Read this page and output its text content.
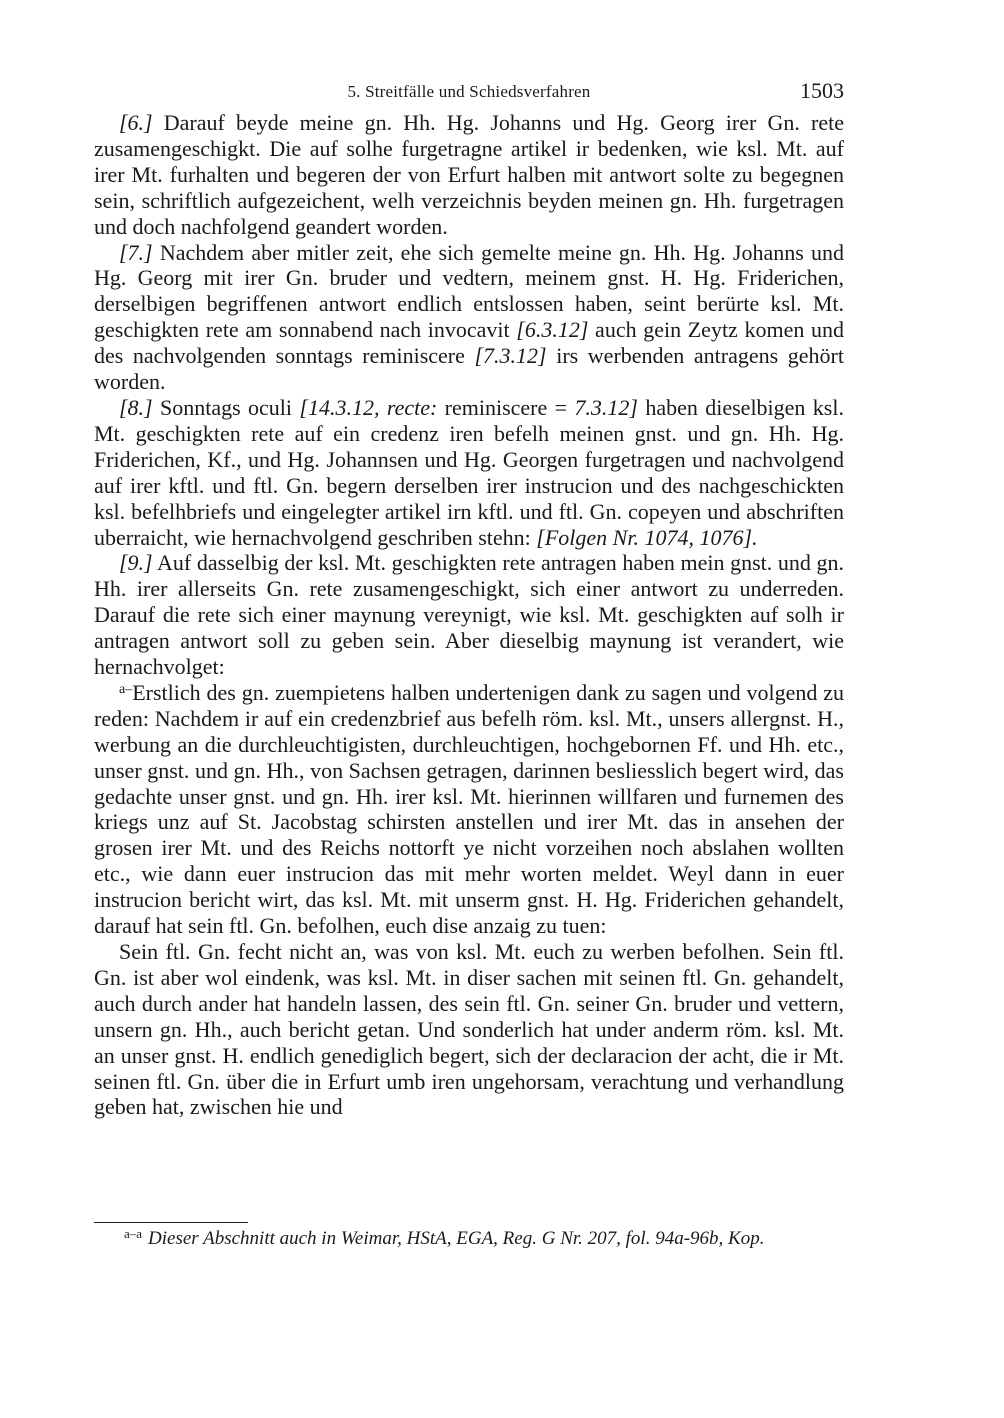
5. Streitfälle und Schiedsverfahren	1503

[6.] Darauf beyde meine gn. Hh. Hg. Johanns und Hg. Georg irer Gn. rete zusamengeschigkt. Die auf solhe furgetragne artikel ir bedenken, wie ksl. Mt. auf irer Mt. furhalten und begeren der von Erfurt halben mit antwort solte zu begegnen sein, schriftlich aufgezeichent, welh verzeichnis beyden meinen gn. Hh. furgetragen und doch nachfolgend geandert worden.

[7.] Nachdem aber mitler zeit, ehe sich gemelte meine gn. Hh. Hg. Johanns und Hg. Georg mit irer Gn. bruder und vedtern, meinem gnst. H. Hg. Friderichen, derselbigen begriffenen antwort endlich entslossen haben, seint berürte ksl. Mt. geschigkten rete am sonnabend nach invocavit [6.3.12] auch gein Zeytz komen und des nachvolgenden sonntags reminiscere [7.3.12] irs werbenden antragens gehört worden.

[8.] Sonntags oculi [14.3.12, recte: reminiscere = 7.3.12] haben dieselbigen ksl. Mt. geschigkten rete auf ein credenz iren befelh meinen gnst. und gn. Hh. Hg. Friderichen, Kf., und Hg. Johannsen und Hg. Georgen furgetragen und nachvolgend auf irer kftl. und ftl. Gn. begern derselben irer instrucion und des nachgeschickten ksl. befelhbriefs und eingelegter artikel irn kftl. und ftl. Gn. copeyen und abschriften uberraicht, wie hernachvolgend geschriben stehn: [Folgen Nr. 1074, 1076].

[9.] Auf dasselbig der ksl. Mt. geschigkten rete antragen haben mein gnst. und gn. Hh. irer allerseits Gn. rete zusamengeschigkt, sich einer antwort zu underreden. Darauf die rete sich einer maynung vereynigt, wie ksl. Mt. geschigkten auf solh ir antragen antwort soll zu geben sein. Aber dieselbig maynung ist verandert, wie hernachvolget:

$^{a-}$Erstlich des gn. zuempietens halben undertenigen dank zu sagen und volgend zu reden: Nachdem ir auf ein credenzbrief aus befelh röm. ksl. Mt., unsers allergnst. H., werbung an die durchleuchtigisten, durchleuchtigen, hochgebornen Ff. und Hh. etc., unser gnst. und gn. Hh., von Sachsen getragen, darinnen besliesslich begert wird, das gedachte unser gnst. und gn. Hh. irer ksl. Mt. hierinnen willfaren und furnemen des kriegs unz auf St. Jacobstag schirsten anstellen und irer Mt. das in ansehen der grosen irer Mt. und des Reichs nottorft ye nicht vorzeihen noch abslahen wollten etc., wie dann euer instrucion das mit mehr worten meldet. Weyl dann in euer instrucion bericht wirt, das ksl. Mt. mit unserm gnst. H. Hg. Friderichen gehandelt, darauf hat sein ftl. Gn. befolhen, euch dise anzaig zu tuen:

Sein ftl. Gn. fecht nicht an, was von ksl. Mt. euch zu werben befolhen. Sein ftl. Gn. ist aber wol eindenk, was ksl. Mt. in diser sachen mit seinen ftl. Gn. gehandelt, auch durch ander hat handeln lassen, des sein ftl. Gn. seiner Gn. bruder und vettern, unsern gn. Hh., auch bericht getan. Und sonderlich hat under anderm röm. ksl. Mt. an unser gnst. H. endlich genediglich begert, sich der declaracion der acht, die ir Mt. seinen ftl. Gn. über die in Erfurt umb iren ungehorsam, verachtung und verhandlung geben hat, zwischen hie und

$^{a-a}$ Dieser Abschnitt auch in Weimar, HStA, EGA, Reg. G Nr. 207, fol. 94a-96b, Kop.
